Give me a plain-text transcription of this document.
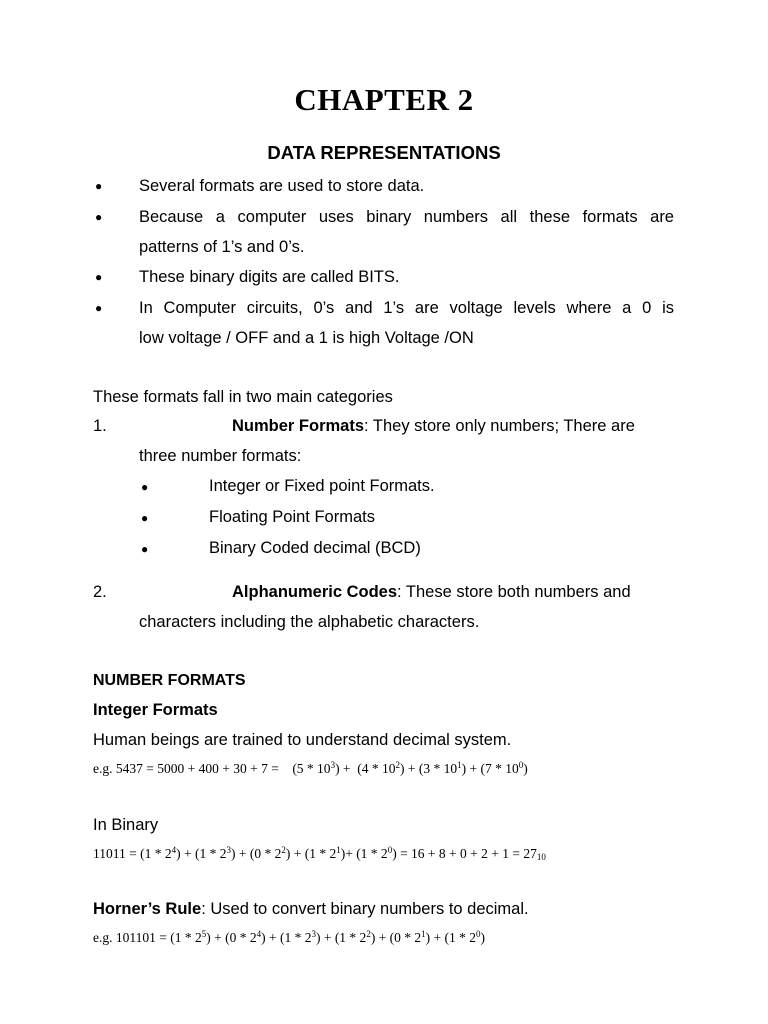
CHAPTER 2
DATA REPRESENTATIONS
● Several formats are used to store data.
● Because a computer uses binary numbers all these formats are
patterns of 1’s and 0’s.
● These binary digits are called BITS.
● In Computer circuits, 0’s and 1’s are voltage levels where a 0 is
low voltage / OFF and a 1 is high Voltage /ON
These formats fall in two main categories
1.	Number Formats: They store only numbers; There are
three number formats:
●	Integer or Fixed point Formats.
●	Floating Point Formats
●	Binary Coded decimal (BCD)
2.	Alphanumeric Codes: These store both numbers and
characters including the alphabetic characters.
NUMBER FORMATS
Integer Formats
Human beings are trained to understand decimal system.
e.g. $5437 = 5000 + 400 + 30 + 7 = (5 * 10^3) + (4 * 10^2) + (3 * 10^1) + (7 * 10^0)$
In Binary
$11011 = (1 * 2^4) + (1 * 2^3) + (0 * 2^2) + (1 * 2^1)+ (1 * 2^0) = 16 + 8 + 0 + 2 + 1 = 27_{10}$
Horner’s Rule: Used to convert binary numbers to decimal.
e.g. $101101 = (1 * 2^5) + (0 * 2^4) + (1 * 2^3) + (1 * 2^2) + (0 * 2^1) + (1 * 2^0)$
